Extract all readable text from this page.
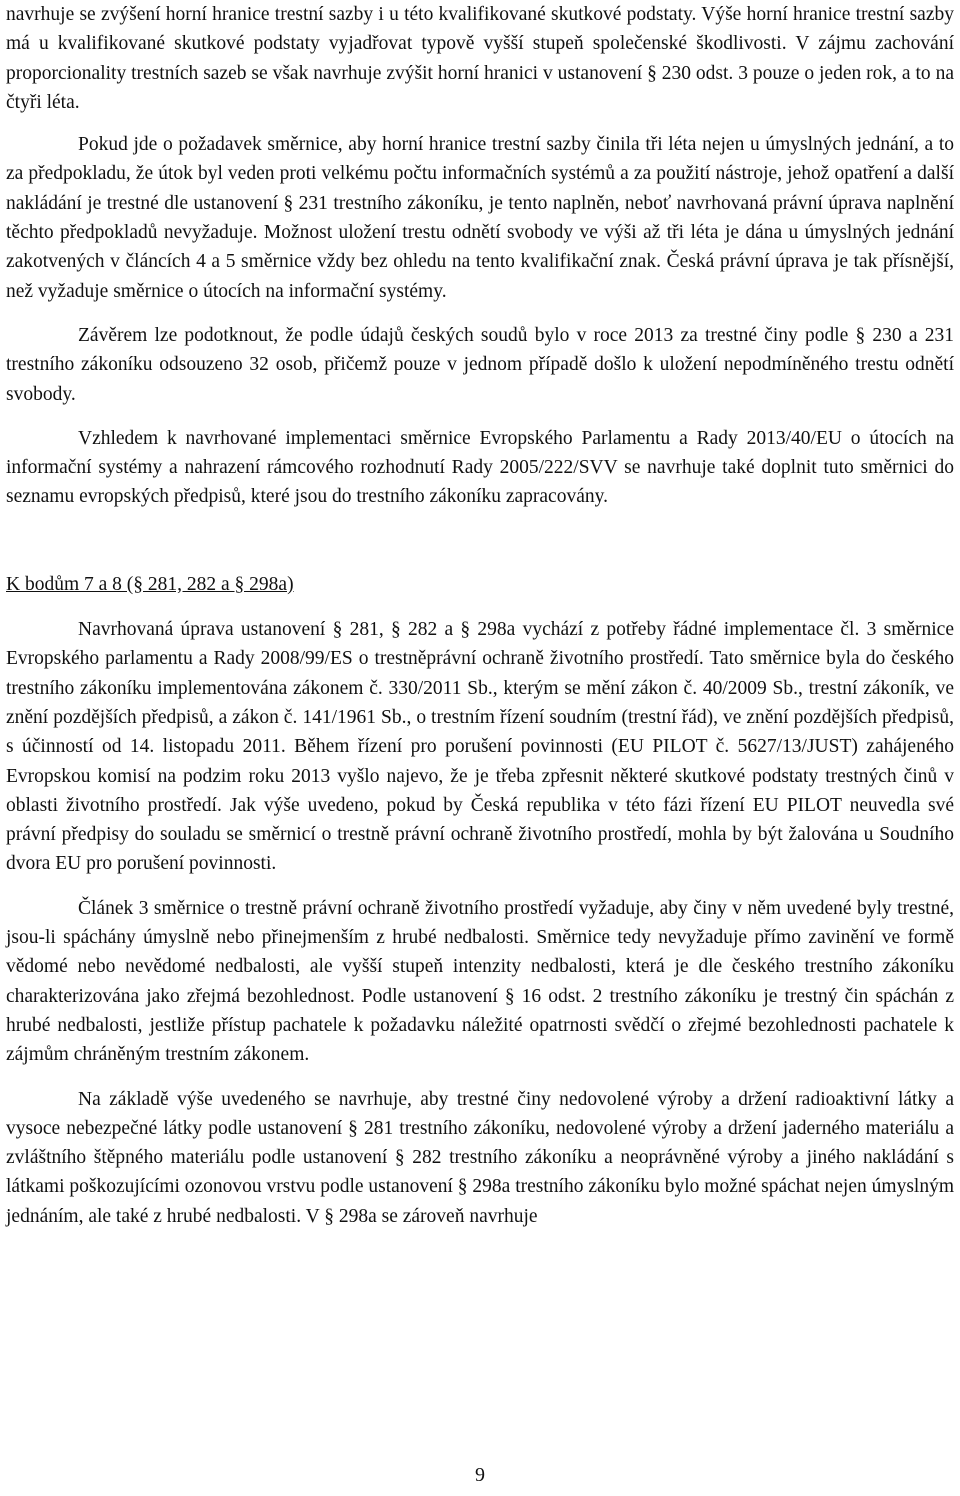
navrhuje se zvýšení horní hranice trestní sazby i u této kvalifikované skutkové podstaty. Výše horní hranice trestní sazby má u kvalifikované skutkové podstaty vyjadřovat typově vyšší stupeň společenské škodlivosti. V zájmu zachování proporcionality trestních sazeb se však navrhuje zvýšit horní hranici v ustanovení § 230 odst. 3 pouze o jeden rok, a to na čtyři léta.

Pokud jde o požadavek směrnice, aby horní hranice trestní sazby činila tři léta nejen u úmyslných jednání, a to za předpokladu, že útok byl veden proti velkému počtu informačních systémů a za použití nástroje, jehož opatření a další nakládání je trestné dle ustanovení § 231 trestního zákoníku, je tento naplněn, neboť navrhovaná právní úprava naplnění těchto předpokladů nevyžaduje. Možnost uložení trestu odnětí svobody ve výši až tři léta je dána u úmyslných jednání zakotvených v článcích 4 a 5 směrnice vždy bez ohledu na tento kvalifikační znak. Česká právní úprava je tak přísnější, než vyžaduje směrnice o útocích na informační systémy.

Závěrem lze podotknout, že podle údajů českých soudů bylo v roce 2013 za trestné činy podle § 230 a 231 trestního zákoníku odsouzeno 32 osob, přičemž pouze v jednom případě došlo k uložení nepodmíněného trestu odnětí svobody.

Vzhledem k navrhované implementaci směrnice Evropského Parlamentu a Rady 2013/40/EU o útocích na informační systémy a nahrazení rámcového rozhodnutí Rady 2005/222/SVV se navrhuje také doplnit tuto směrnici do seznamu evropských předpisů, které jsou do trestního zákoníku zapracovány.

K bodům 7 a 8 (§ 281, 282 a § 298a)

Navrhovaná úprava ustanovení § 281, § 282 a § 298a vychází z potřeby řádné implementace čl. 3 směrnice Evropského parlamentu a Rady 2008/99/ES o trestněprávní ochraně životního prostředí. Tato směrnice byla do českého trestního zákoníku implementována zákonem č. 330/2011 Sb., kterým se mění zákon č. 40/2009 Sb., trestní zákoník, ve znění pozdějších předpisů, a zákon č. 141/1961 Sb., o trestním řízení soudním (trestní řád), ve znění pozdějších předpisů, s účinností od 14. listopadu 2011. Během řízení pro porušení povinnosti (EU PILOT č. 5627/13/JUST) zahájeného Evropskou komisí na podzim roku 2013 vyšlo najevo, že je třeba zpřesnit některé skutkové podstaty trestných činů v oblasti životního prostředí. Jak výše uvedeno, pokud by Česká republika v této fázi řízení EU PILOT neuvedla své právní předpisy do souladu se směrnicí o trestně právní ochraně životního prostředí, mohla by být žalována u Soudního dvora EU pro porušení povinnosti.

Článek 3 směrnice o trestně právní ochraně životního prostředí vyžaduje, aby činy v něm uvedené byly trestné, jsou-li spáchány úmyslně nebo přinejmenším z hrubé nedbalosti. Směrnice tedy nevyžaduje přímo zavinění ve formě vědomé nebo nevědomé nedbalosti, ale vyšší stupeň intenzity nedbalosti, která je dle českého trestního zákoníku charakterizována jako zřejmá bezohlednost. Podle ustanovení § 16 odst. 2 trestního zákoníku je trestný čin spáchán z hrubé nedbalosti, jestliže přístup pachatele k požadavku náležité opatrnosti svědčí o zřejmé bezohlednosti pachatele k zájmům chráněným trestním zákonem.

Na základě výše uvedeného se navrhuje, aby trestné činy nedovolené výroby a držení radioaktivní látky a vysoce nebezpečné látky podle ustanovení § 281 trestního zákoníku, nedovolené výroby a držení jaderného materiálu a zvláštního štěpného materiálu podle ustanovení § 282 trestního zákoníku a neoprávněné výroby a jiného nakládání s látkami poškozujícími ozonovou vrstvu podle ustanovení § 298a trestního zákoníku bylo možné spáchat nejen úmyslným jednáním, ale také z hrubé nedbalosti. V § 298a se zároveň navrhuje

9
